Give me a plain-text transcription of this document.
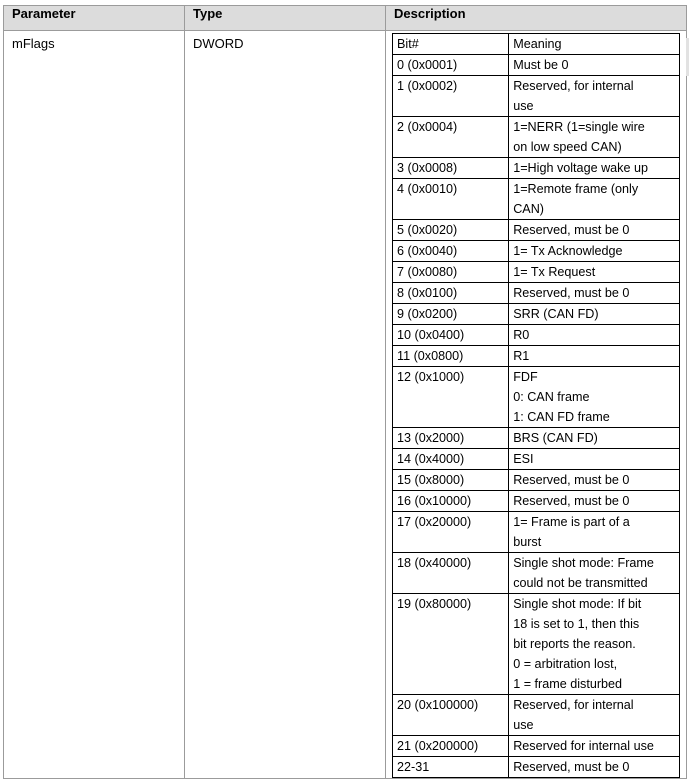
Parameter	Type	Description
mFlags	DWORD		Bit#	Meaning
0 (0x0001)	Must be 0

1 (0x0002)	Reserved, for internal
use

2 (0x0004)	1=NERR (1=single wire
on low speed CAN)

3 (0x0008)	1=High voltage wake up

4 (0x0010)	1=Remote frame (only
CAN)

5 (0x0020)	Reserved, must be 0

6 (0x0040)	1= Tx Acknowledge

7 (0x0080)	1= Tx Request

8 (0x0100)	Reserved, must be 0

9 (0x0200)	SRR (CAN FD)

10 (0x0400)	R0

11 (0x0800)	R1

12 (0x1000)	FDF
0: CAN frame
1: CAN FD frame

13 (0x2000)	BRS (CAN FD)

14 (0x4000)	ESI

15 (0x8000)	Reserved, must be 0

16 (0x10000)	Reserved, must be 0

17 (0x20000)	1= Frame is part of a
burst

18 (0x40000)	Single shot mode: Frame
could not be transmitted

19 (0x80000)	Single shot mode: If bit
18 is set to 1, then this
bit reports the reason.
0 = arbitration lost,
1 = frame disturbed

20 (0x100000)	Reserved, for internal
use

21 (0x200000)	Reserved for internal use

22-31	Reserved, must be 0
